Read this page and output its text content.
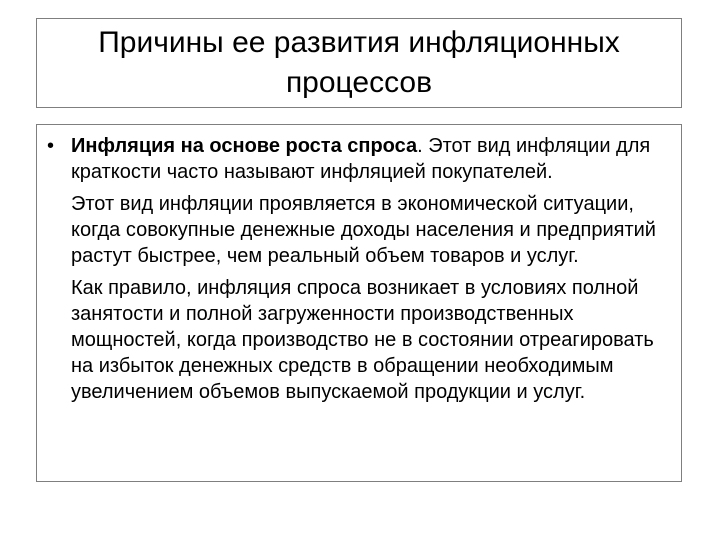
Причины ее развития инфляционных процессов
• Инфляция на основе роста спроса. Этот вид инфляции для краткости часто называют инфляцией покупателей.

Этот вид инфляции проявляется в экономической ситуации, когда совокупные денежные доходы населения и предприятий растут быстрее, чем реальный объем товаров и услуг.

Как правило, инфляция спроса возникает в условиях полной занятости и полной загруженности производственных мощностей, когда производство не в состоянии отреагировать на избыток денежных средств в обращении необходимым увеличением объемов выпускаемой продукции и услуг.
